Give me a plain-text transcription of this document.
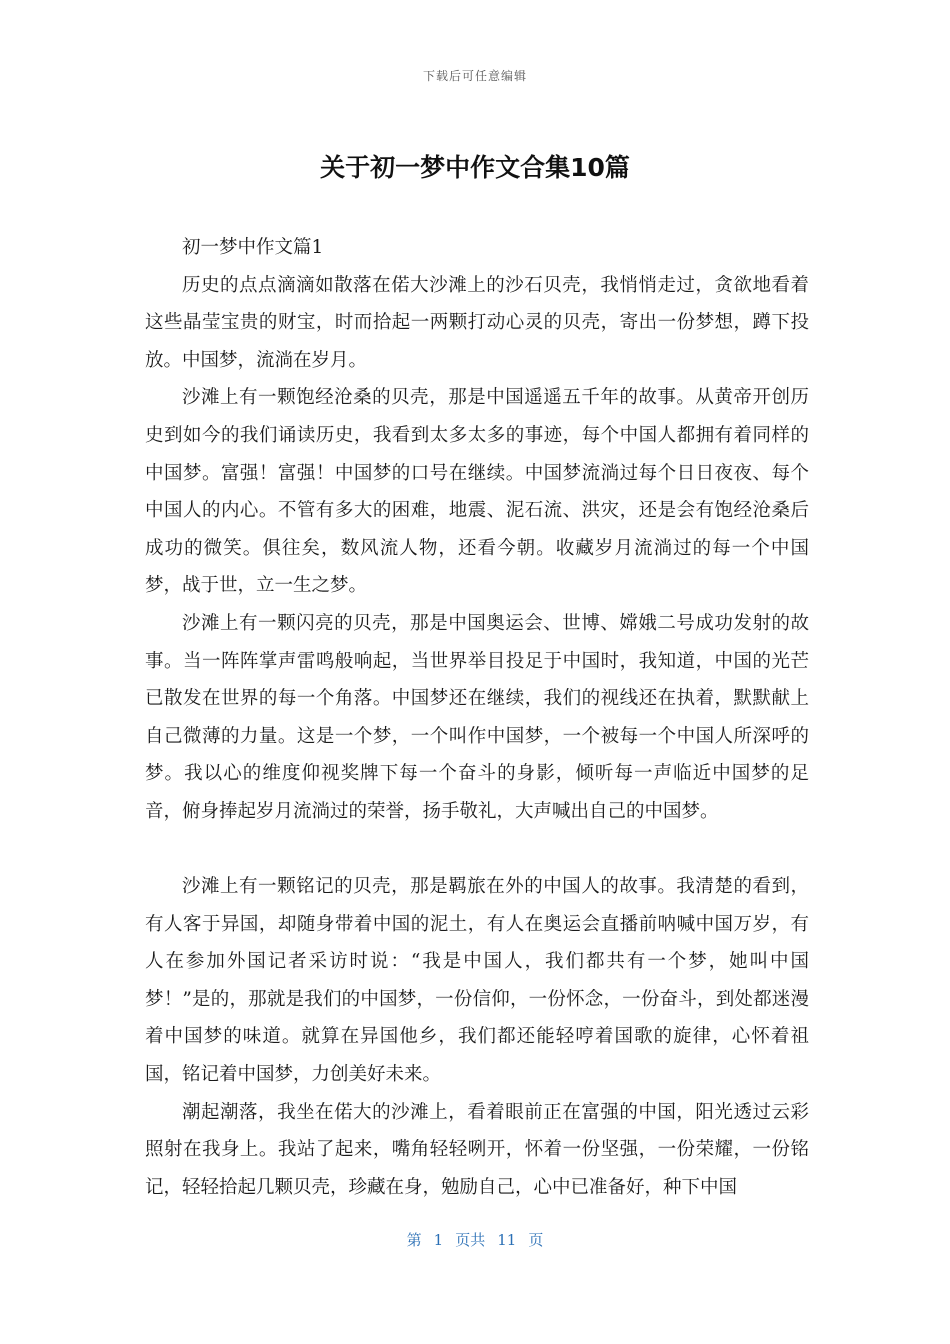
下载后可任意编辑
关于初一梦中作文合集10篇

初一梦中作文篇1

历史的点点滴滴如散落在偌大沙滩上的沙石贝壳，我悄悄走过，贪欲地看着这些晶莹宝贵的财宝，时而拾起一两颗打动心灵的贝壳，寄出一份梦想，蹲下投放。中国梦，流淌在岁月。

沙滩上有一颗饱经沧桑的贝壳，那是中国遥遥五千年的故事。从黄帝开创历史到如今的我们诵读历史，我看到太多太多的事迹，每个中国人都拥有着同样的中国梦。富强！富强！中国梦的口号在继续。中国梦流淌过每个日日夜夜、每个中国人的内心。不管有多大的困难，地震、泥石流、洪灾，还是会有饱经沧桑后成功的微笑。俱往矣，数风流人物，还看今朝。收藏岁月流淌过的每一个中国梦，战于世，立一生之梦。

沙滩上有一颗闪亮的贝壳，那是中国奥运会、世博、嫦娥二号成功发射的故事。当一阵阵掌声雷鸣般响起，当世界举目投足于中国时，我知道，中国的光芒已散发在世界的每一个角落。中国梦还在继续，我们的视线还在执着，默默献上自己微薄的力量。这是一个梦，一个叫作中国梦，一个被每一个中国人所深呼的梦。我以心的维度仰视奖牌下每一个奋斗的身影，倾听每一声临近中国梦的足音，俯身捧起岁月流淌过的荣誉，扬手敬礼，大声喊出自己的中国梦。

沙滩上有一颗铭记的贝壳，那是羁旅在外的中国人的故事。我清楚的看到，有人客于异国，却随身带着中国的泥土，有人在奥运会直播前呐喊中国万岁，有人在参加外国记者采访时说：“我是中国人，我们都共有一个梦，她叫中国梦！”是的，那就是我们的中国梦，一份信仰，一份怀念，一份奋斗，到处都迷漫着中国梦的味道。就算在异国他乡，我们都还能轻哼着国歌的旋律，心怀着祖国，铭记着中国梦，力创美好未来。

潮起潮落，我坐在偌大的沙滩上，看着眼前正在富强的中国，阳光透过云彩照射在我身上。我站了起来，嘴角轻轻咧开，怀着一份坚强，一份荣耀，一份铭记，轻轻拾起几颗贝壳，珍藏在身，勉励自己，心中已准备好，种下中国

第 1 页共 11 页
